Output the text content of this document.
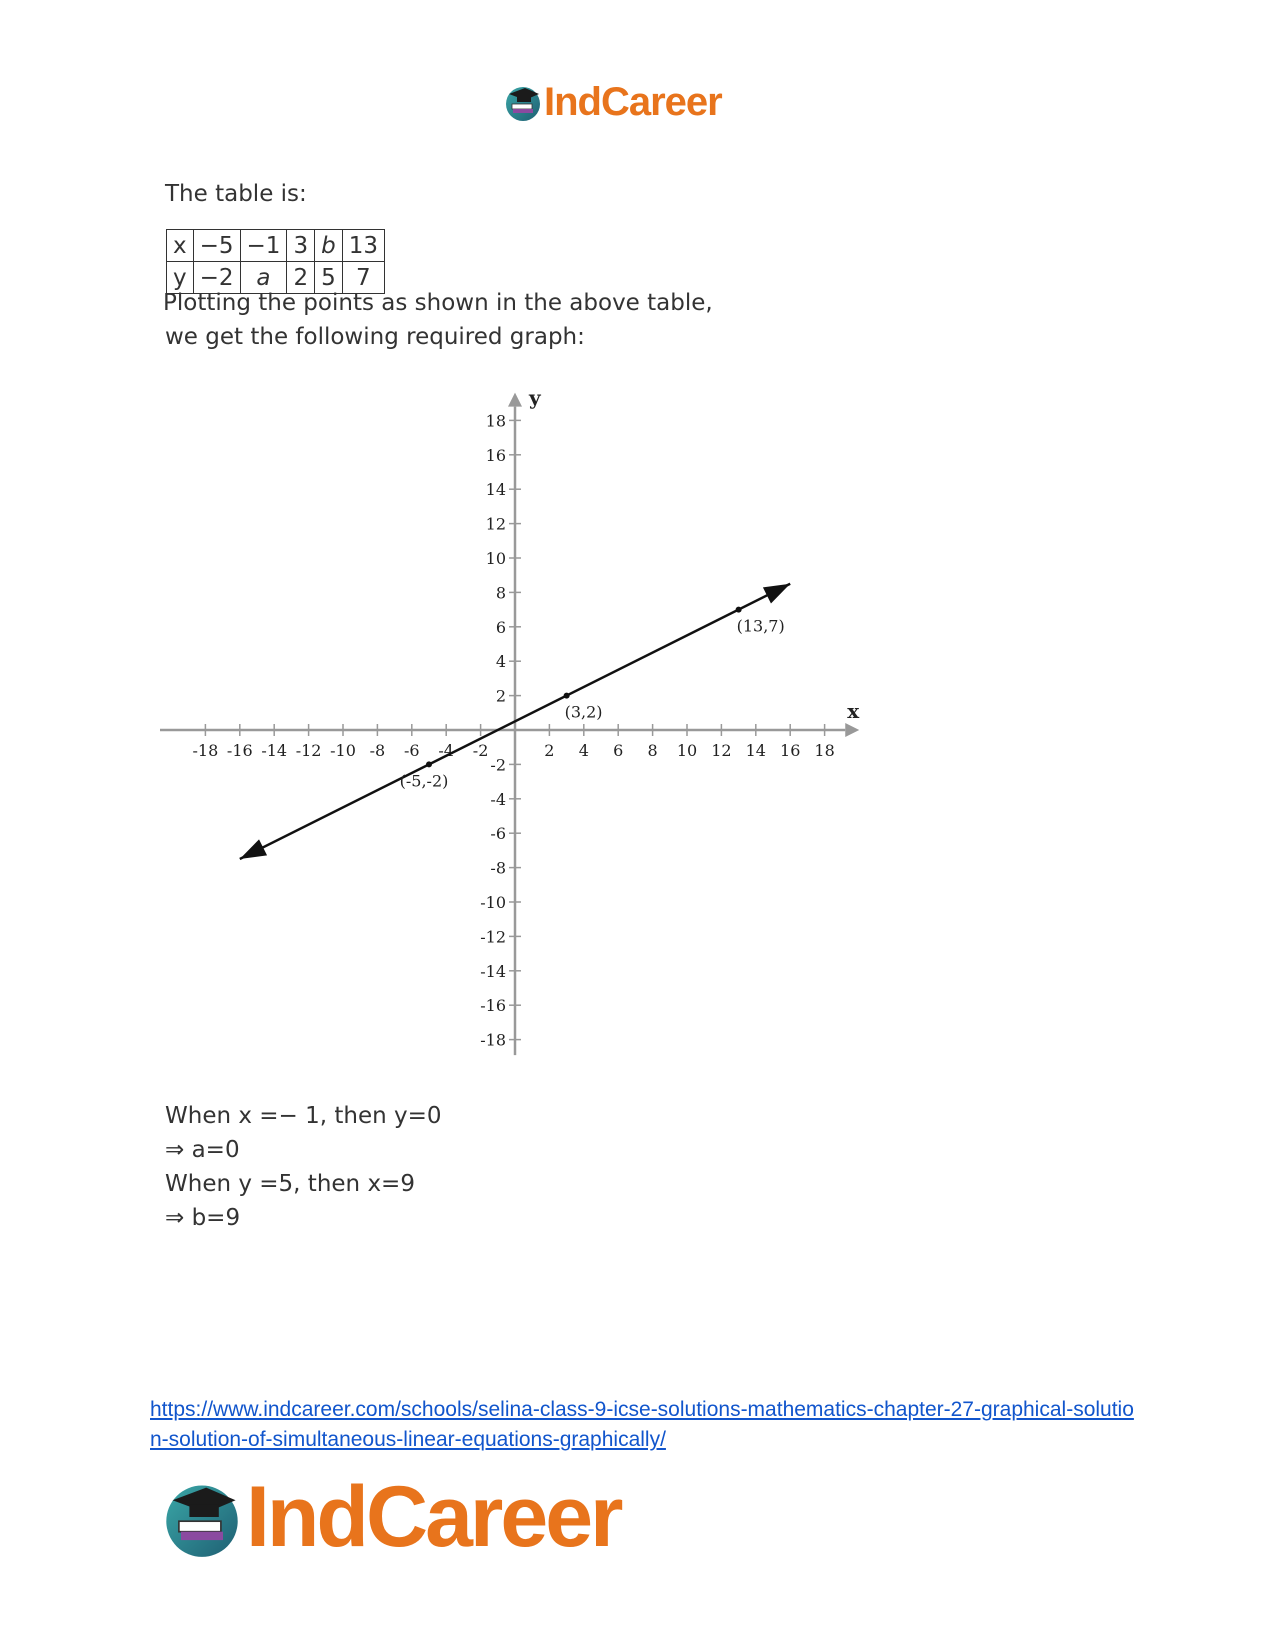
IndCareer
The table is:
x	−5	−1	3	b	13
y	−2	a	2	5	7
Plotting the points as shown in the above table,
we get the following required graph:
x
y
-18 -16 -14 -12 -10 -8 -6 -4 -2	2 4 6 8 10 12 14 16 18
18
16
14
12
10
8
6
4
2
-2
-4
-6
-8
-10
-12
-14
-16
-18
(-5,-2)
(3,2)
(13,7)
When x =− 1, then y=0
⇒ a=0
When y =5, then x=9
⇒ b=9
https://www.indcareer.com/schools/selina-class-9-icse-solutions-mathematics-chapter-27-graphical-solution-solution-of-simultaneous-linear-equations-graphically/
IndCareer
